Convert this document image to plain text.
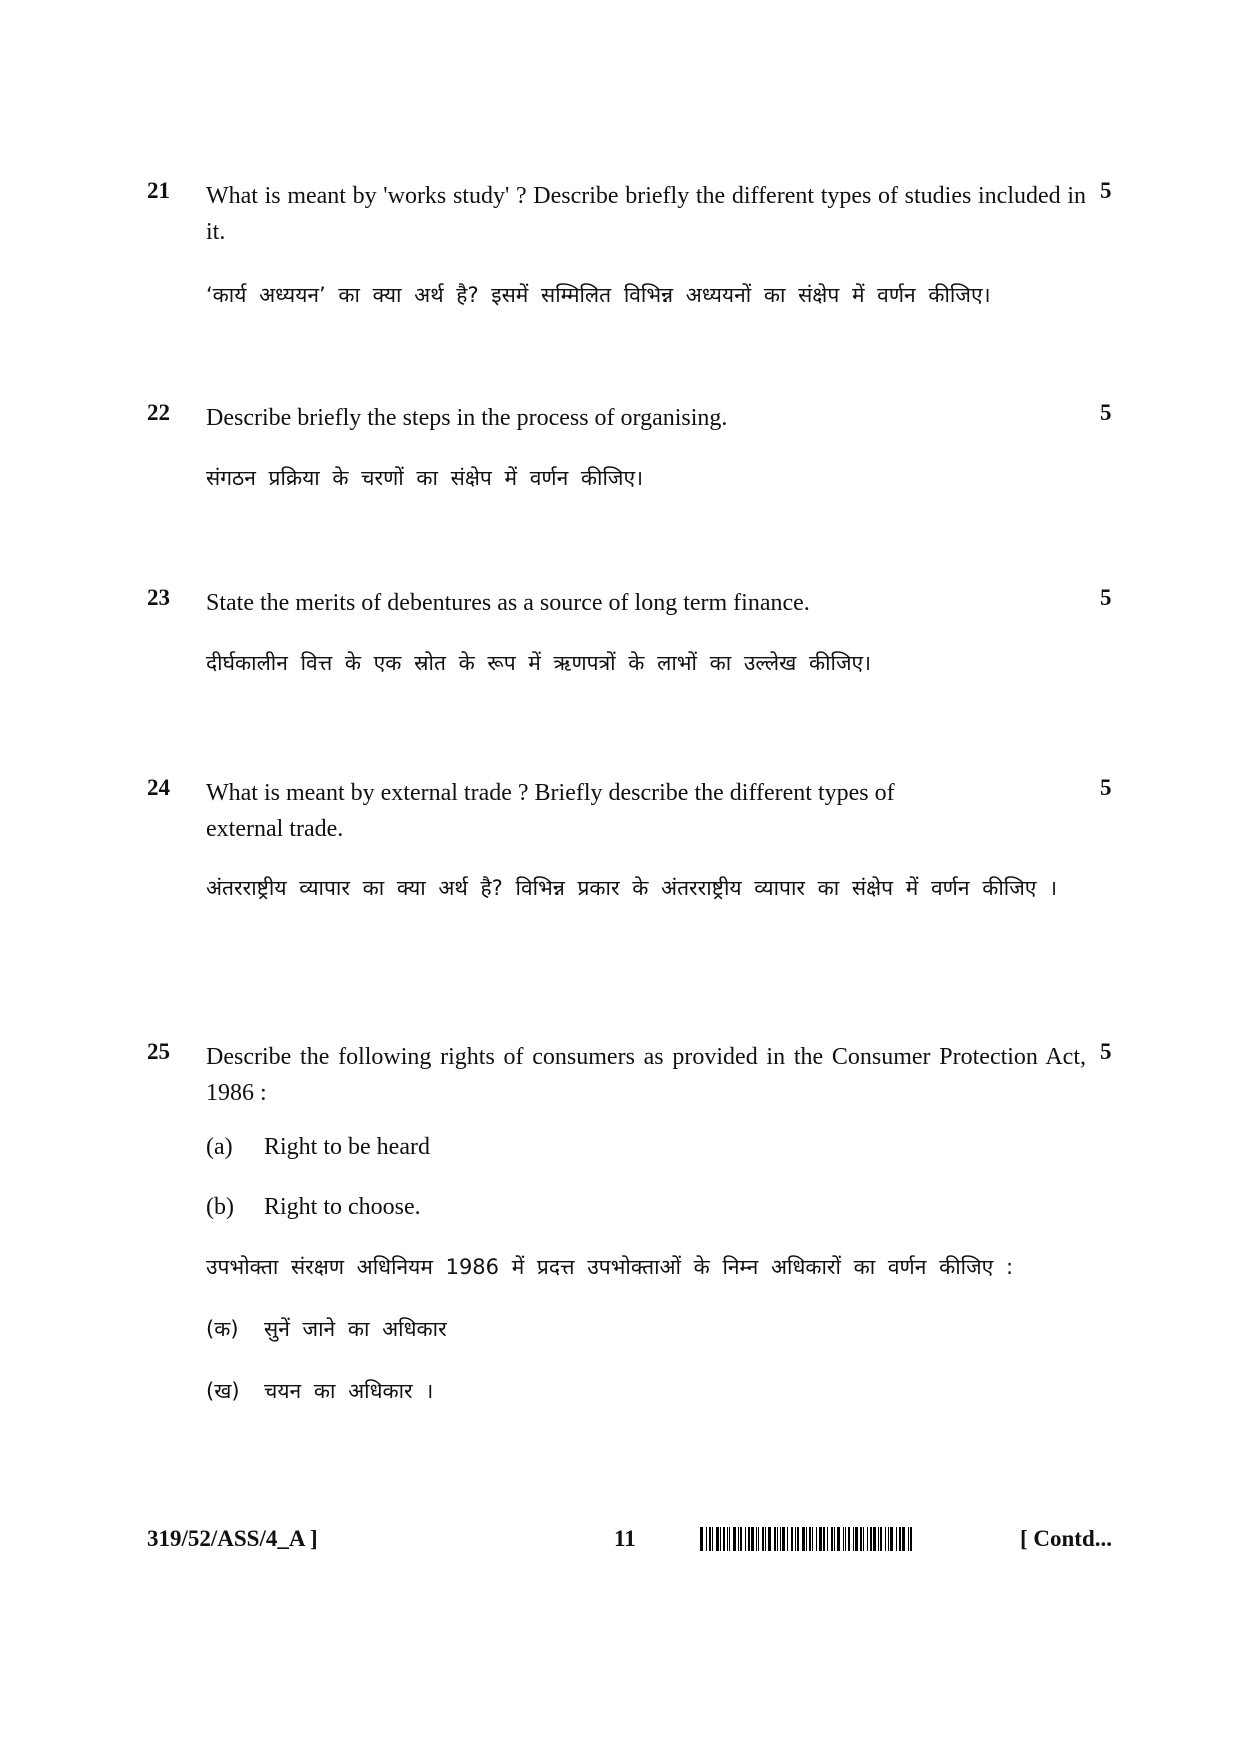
21 What is meant by 'works study' ? Describe briefly the different types of studies included in it.
5
‘कार्य अध्ययन’ का क्या अर्थ है? इसमें सम्मिलित विभिन्न अध्ययनों का संक्षेप में वर्णन कीजिए।
22 Describe briefly the steps in the process of organising.	5
संगठन प्रक्रिया के चरणों का संक्षेप में वर्णन कीजिए।
23 State the merits of debentures as a source of long term finance.	5
दीर्घकालीन वित्त के एक स्रोत के रूप में ऋणपत्रों के लाभों का उल्लेख कीजिए।
24 What is meant by external trade ? Briefly describe the different types of external trade.
5
अंतरराष्ट्रीय व्यापार का क्या अर्थ है? विभिन्न प्रकार के अंतरराष्ट्रीय व्यापार का संक्षेप में वर्णन कीजिए ।
25 Describe the following rights of consumers as provided in the Consumer Protection Act, 1986 :
5
(a) Right to be heard
(b) Right to choose.
उपभोक्ता संरक्षण अधिनियम 1986 में प्रदत्त उपभोक्ताओं के निम्न अधिकारों का वर्णन कीजिए :
(क) सुनें जाने का अधिकार
(ख) चयन का अधिकार ।
319/52/ASS/4_A ]	11	[ Contd...
